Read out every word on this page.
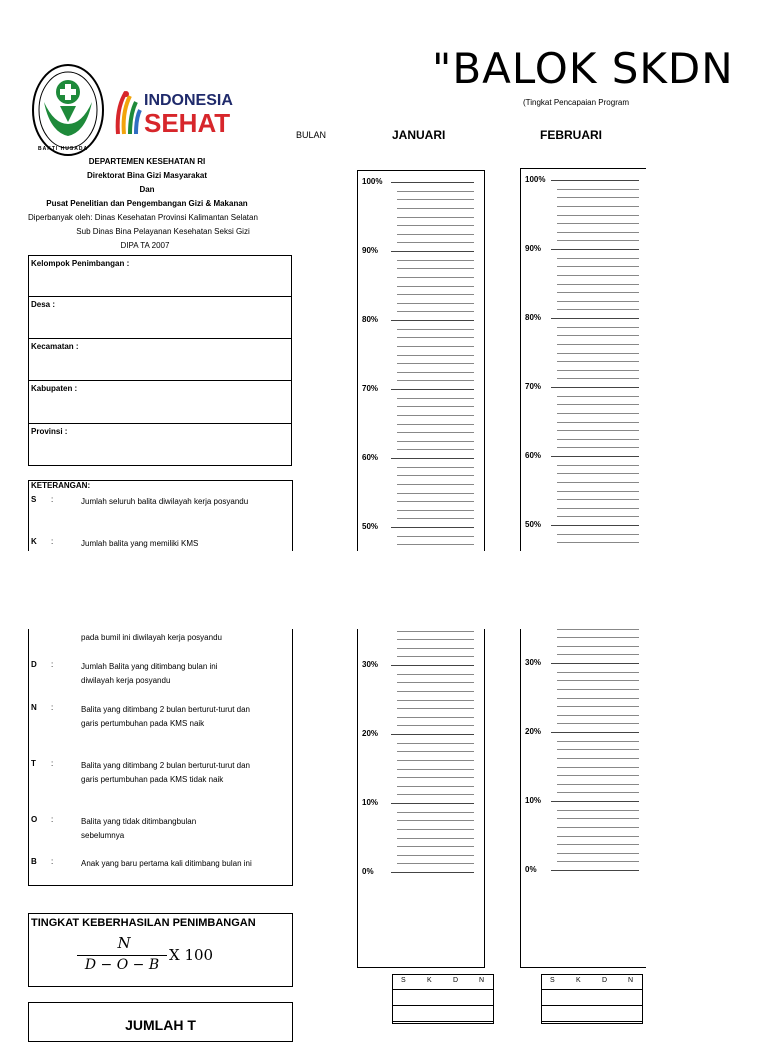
BAKTI HUSADA
INDONESIA
SEHAT
"BALOK SKDN
(Tingkat Pencapaian Program
BULAN	JANUARI	FEBRUARI
DEPARTEMEN KESEHATAN RI
Direktorat Bina Gizi Masyarakat
Dan
Pusat Penelitian dan Pengembangan Gizi & Makanan
Diperbanyak oleh: Dinas Kesehatan Provinsi Kalimantan Selatan
Sub Dinas Bina Pelayanan Kesehatan Seksi Gizi
DIPA TA 2007
Kelompok Penimbangan :
Desa :
Kecamatan :
Kabupaten :
Provinsi :
KETERANGAN:
S :	Jumlah seluruh balita diwilayah kerja posyandu
K :	Jumlah balita yang memiliki KMS
pada bumil ini diwilayah kerja posyandu
D :	Jumlah Balita yang ditimbang bulan ini diwilayah kerja posyandu
N :	Balita yang ditimbang 2 bulan berturut-turut dan garis pertumbuhan pada KMS naik
T :	Balita yang ditimbang 2 bulan berturut-turut dan garis pertumbuhan pada KMS tidak naik
O :	Balita yang tidak ditimbangbulan sebelumnya
B :	Anak yang baru pertama kali ditimbang bulan ini
100%
90%
80%
70%
60%
50%
30%
20%
10%
0%
100%
90%
80%
70%
60%
50%
30%
20%
10%
0%
S	K	D	N	S	K	D	N
TINGKAT KEBERHASILAN PENIMBANGAN
N
D − O − B
X 100
JUMLAH T
